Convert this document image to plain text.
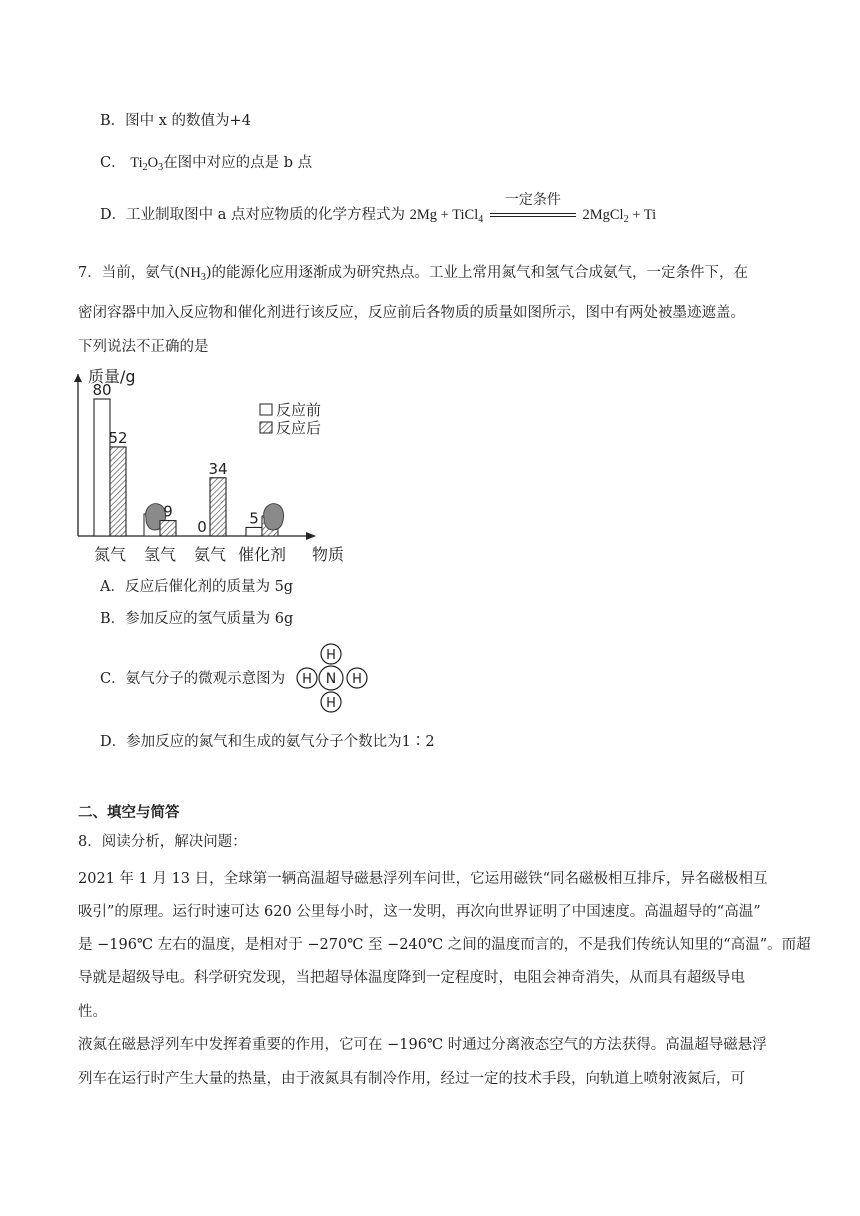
B．图中 x 的数值为+4
C． $Ti_2O_3$在图中对应的点是 b 点
D．工业制取图中 a 点对应物质的化学方程式为 2Mg + TiCl$_4$
一定条件
2MgCl$_2$ + Ti
7．当前，氨气$(NH_3)$的能源化应用逐渐成为研究热点。工业上常用氮气和氢气合成氨气，一定条件下，在
密闭容器中加入反应物和催化剂进行该反应，反应前后各物质的质量如图所示，图中有两处被墨迹遮盖。
下列说法不正确的是
质量/g
物质
氮气
80
52
氢气
9
氨气
0
34
催化剂
5
反应前
反应后
A．反应后催化剂的质量为 5g
B．参加反应的氢气质量为 6g
C．氨气分子的微观示意图为	N
H
H
H	H
D．参加反应的氮气和生成的氨气分子个数比为1∶2
二、填空与简答
8．阅读分析，解决问题：
2021 年 1 月 13 日，全球第一辆高温超导磁悬浮列车问世，它运用磁铁“同名磁极相互排斥，异名磁极相互
吸引”的原理。运行时速可达 620 公里每小时，这一发明，再次向世界证明了中国速度。高温超导的“高温”
是 −196℃ 左右的温度，是相对于 −270℃ 至 −240℃ 之间的温度而言的，不是我们传统认知里的“高温”。而超
导就是超级导电。科学研究发现，当把超导体温度降到一定程度时，电阻会神奇消失，从而具有超级导电
性。
液氮在磁悬浮列车中发挥着重要的作用，它可在 −196℃ 时通过分离液态空气的方法获得。高温超导磁悬浮
列车在运行时产生大量的热量，由于液氮具有制冷作用，经过一定的技术手段，向轨道上喷射液氮后，可
